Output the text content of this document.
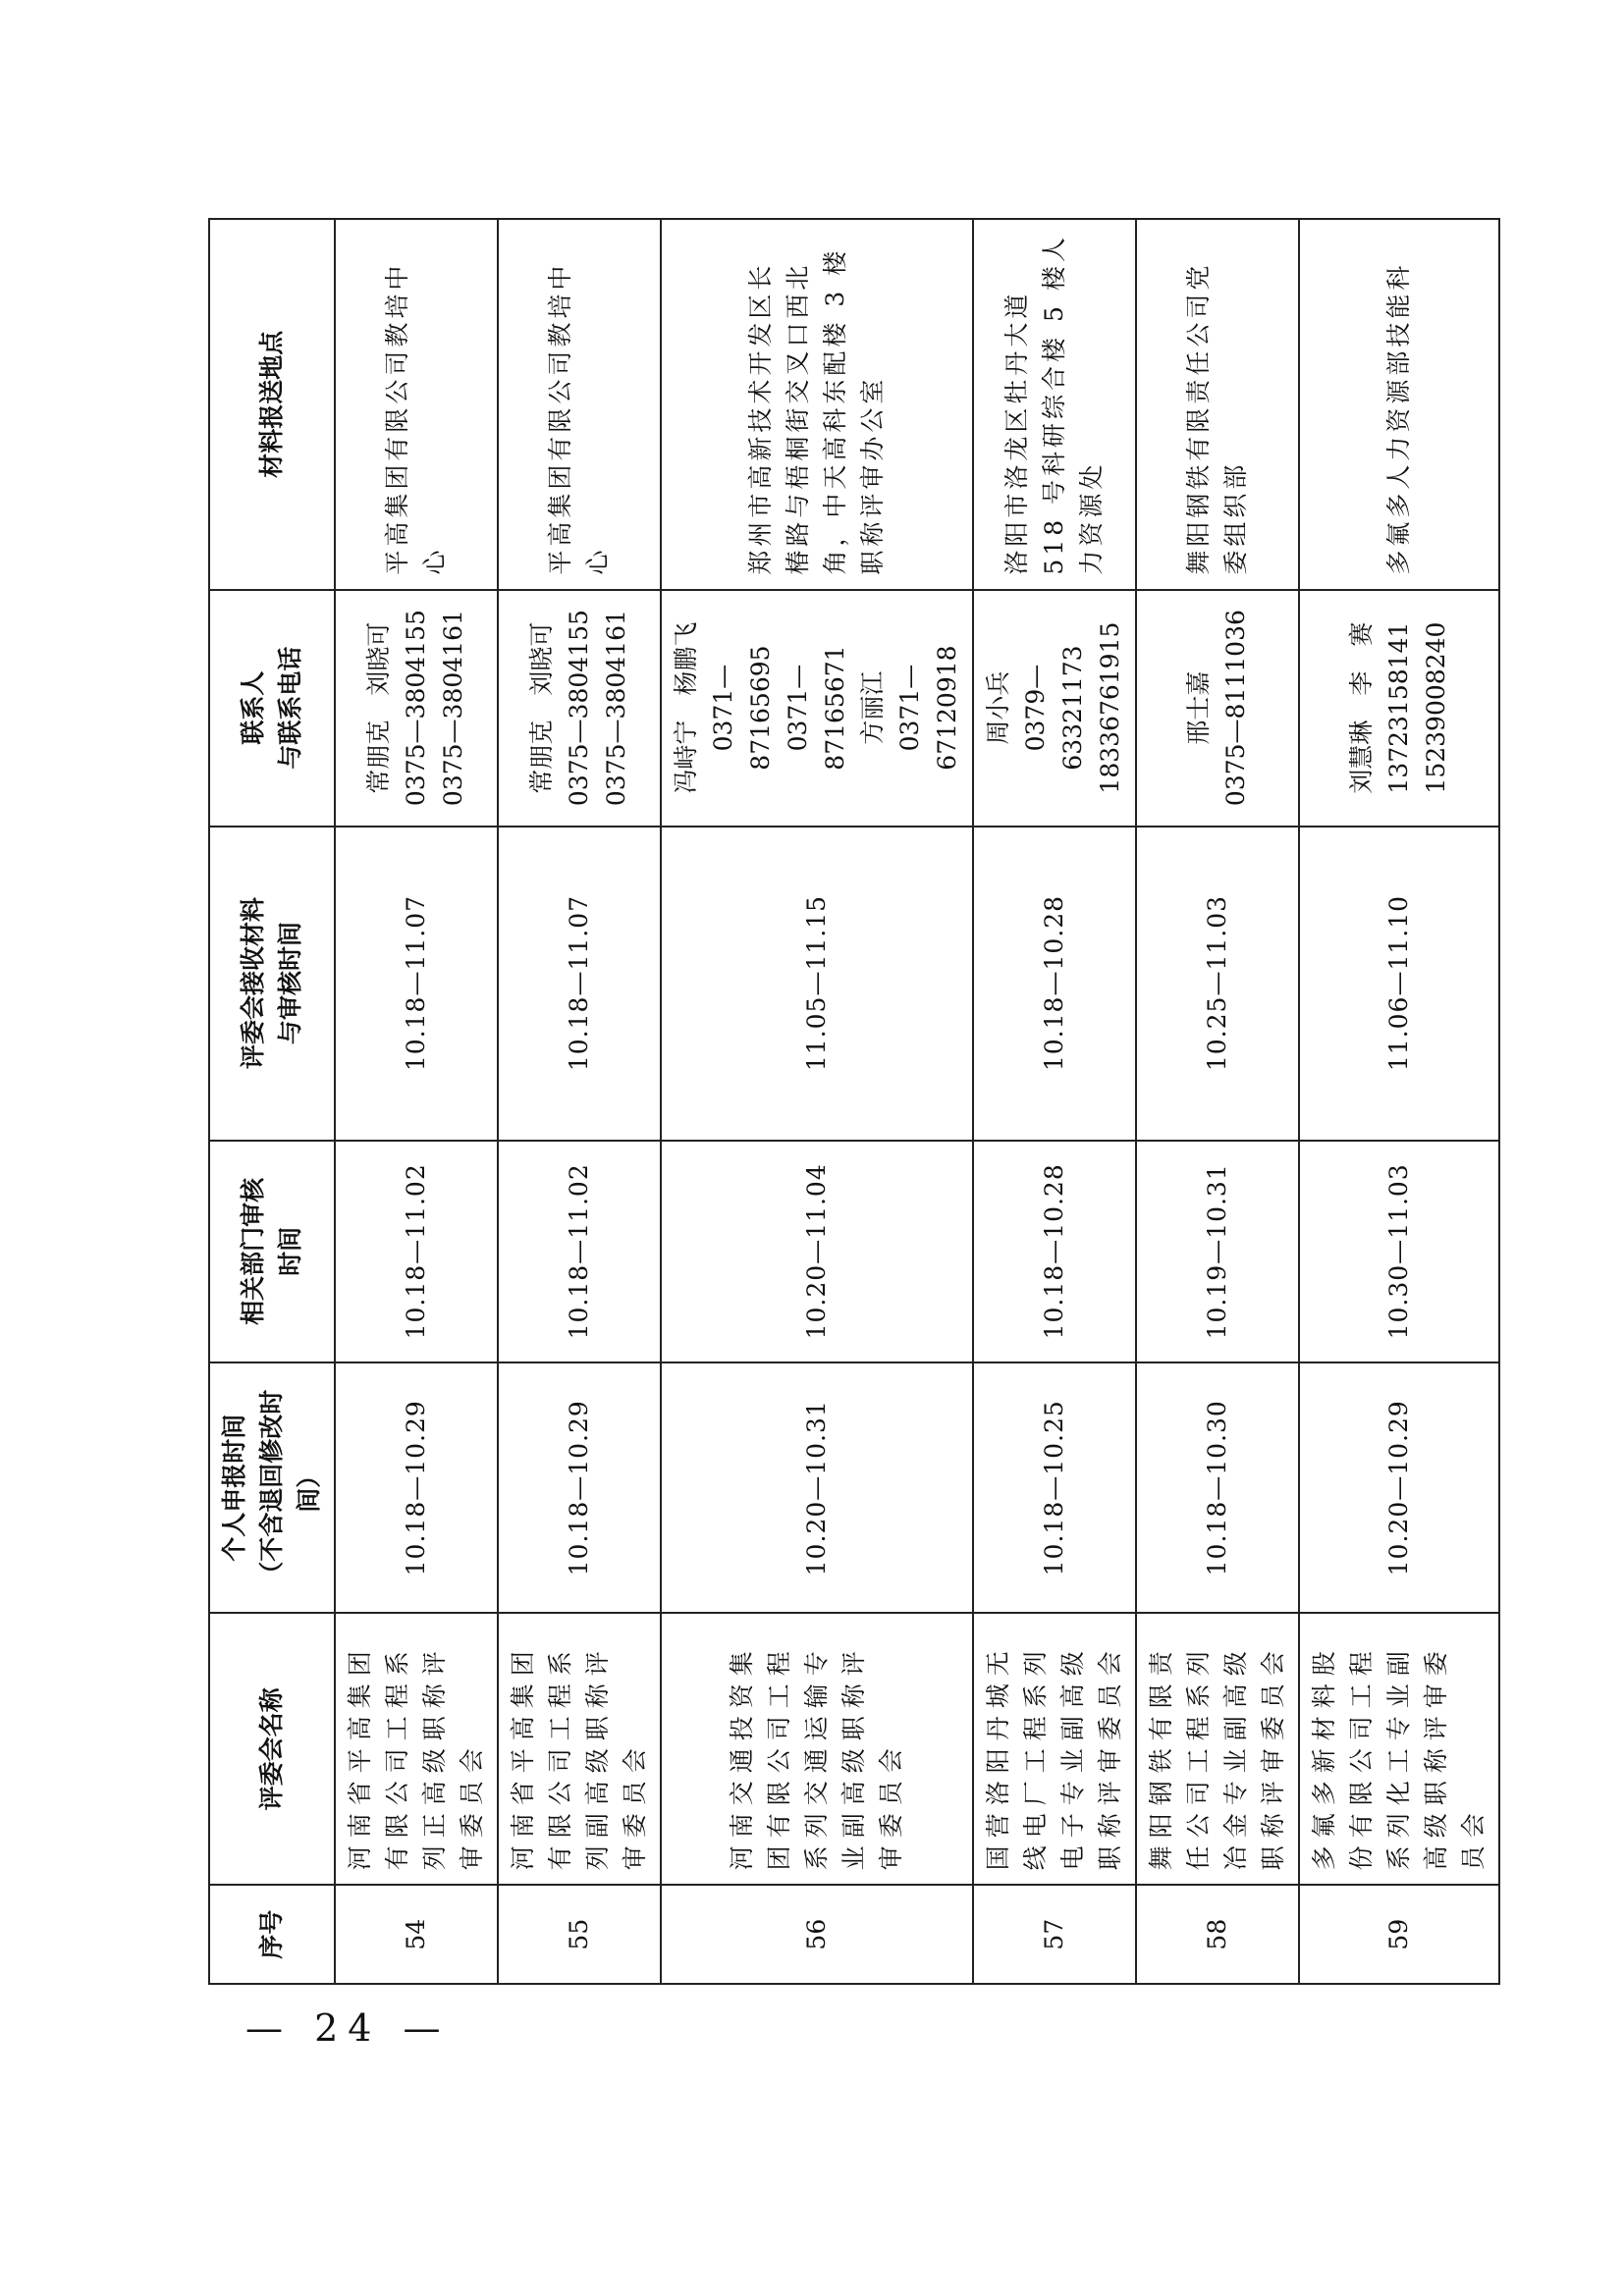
序号	评委会名称	个人申报时间
（不含退回修改时间）	相关部门审核
时间	评委会接收材料
与审核时间	联系人
与联系电话	材料报送地点
54	河南省平高集团有限公司工程系列正高级职称评审委员会	10.18—10.29	10.18—11.02	10.18—11.07	常朋克　刘晓可
0375—3804155
0375—3804161	平高集团有限公司教培中心
55	河南省平高集团有限公司工程系列副高级职称评审委员会	10.18—10.29	10.18—11.02	10.18—11.07	常朋克　刘晓可
0375—3804155
0375—3804161	平高集团有限公司教培中心
56	河南交通投资集团有限公司工程系列交通运输专业副高级职称评审委员会	10.20—10.31	10.20—11.04	11.05—11.15	冯峙宁　杨鹏飞
0371—87165695
0371—87165671
方丽江
0371—67120918	郑州市高新技术开发区长椿路与梧桐街交叉口西北角，中天高科东配楼 3 楼职称评审办公室
57	国营洛阳丹城无线电厂工程系列电子专业副高级职称评审委员会	10.18—10.25	10.18—10.28	10.18—10.28	周小兵
0379—63321173
18336761915	洛阳市洛龙区牡丹大道 518 号科研综合楼 5 楼人力资源处
58	舞阳钢铁有限责任公司工程系列冶金专业副高级职称评审委员会	10.18—10.30	10.19—10.31	10.25—11.03	邢士嘉
0375—8111036	舞阳钢铁有限责任公司党委组织部
59	多氟多新材料股份有限公司工程系列化工专业副高级职称评审委员会	10.20—10.29	10.30—11.03	11.06—11.10	刘慧琳　李　赛
13723158141
15239008240	多氟多人力资源部技能科
— 24 —
